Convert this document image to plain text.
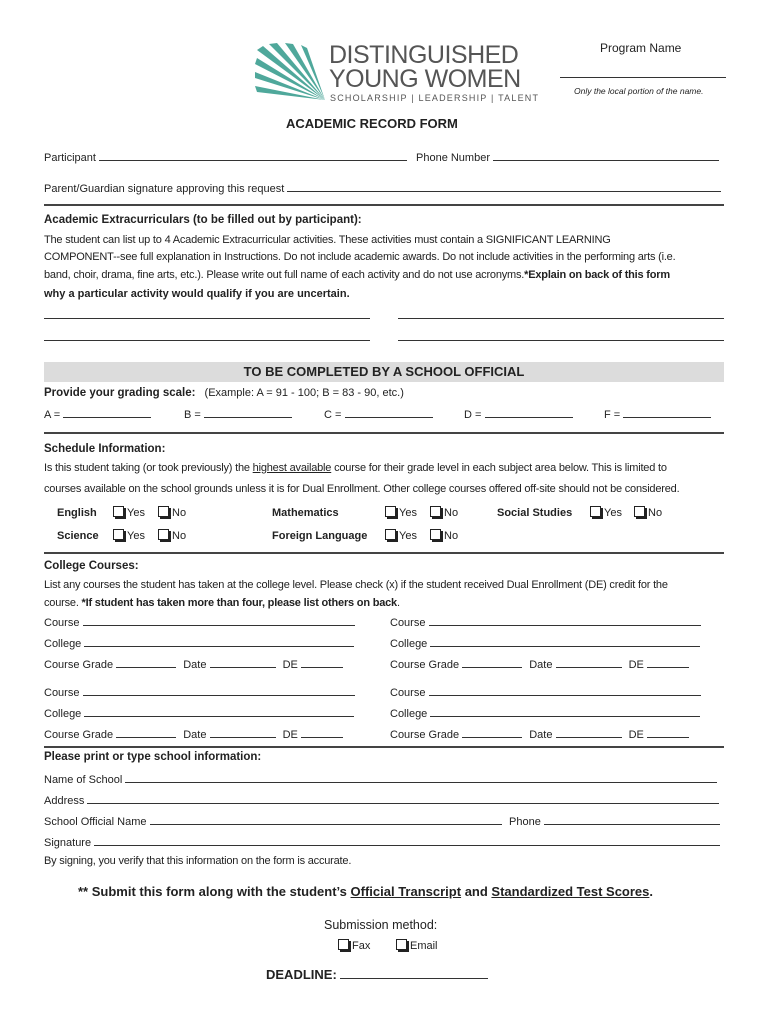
DISTINGUISHED
YOUNG WOMEN
SCHOLARSHIP | LEADERSHIP | TALENT
Program Name
Only the local portion of the name.
ACADEMIC RECORD FORM
Participant	Phone Number
Parent/Guardian signature approving this request
Academic Extracurriculars (to be filled out by participant):
The student can list up to 4 Academic Extracurricular activities. These activities must contain a SIGNIFICANT LEARNING
COMPONENT--see full explanation in Instructions. Do not include academic awards. Do not include activities in the performing arts (i.e.
band, choir, drama, fine arts, etc.). Please write out full name of each activity and do not use acronyms.*Explain on back of this form
why a particular activity would qualify if you are uncertain.
TO BE COMPLETED BY A SCHOOL OFFICIAL
Provide your grading scale: (Example: A = 91 - 100; B = 83 - 90, etc.)
A =	B =	C =	D =	F =
Schedule Information:
Is this student taking (or took previously) the highest available course for their grade level in each subject area below. This is limited to
courses available on the school grounds unless it is for Dual Enrollment. Other college courses offered off-site should not be considered.
English	Yes	No	Mathematics	Yes	No	Social Studies	Yes	No
Science	Yes	No	Foreign Language	Yes	No
College Courses:
List any courses the student has taken at the college level. Please check (x) if the student received Dual Enrollment (DE) credit for the
course. *If student has taken more than four, please list others on back.
Course
College
Course Grade	Date	DE
Course
College
Course Grade	Date	DE
Course
College
Course Grade	Date	DE
Course
College
Course Grade	Date	DE
Please print or type school information:
Name of School
Address
School Official Name	Phone
Signature
By signing, you verify that this information on the form is accurate.
** Submit this form along with the student’s Official Transcript and Standardized Test Scores.
Submission method:
Fax	Email
DEADLINE:
